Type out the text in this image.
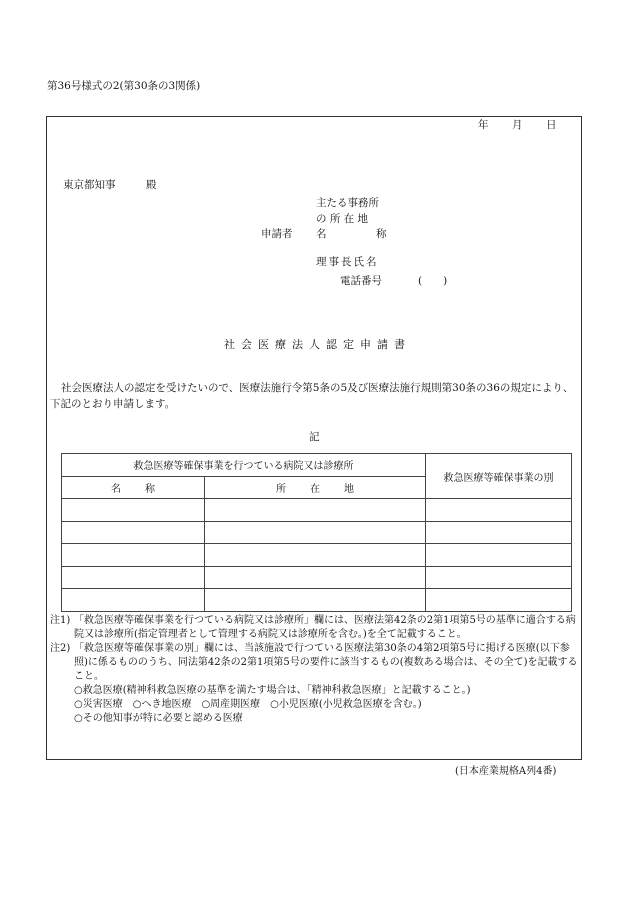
第36号様式の2(第30条の3関係)
年 月 日
東京都知事	殿
主たる事務所
の 所 在 地
申請者 名	称
理事長氏名
電話番号	(　　)
社会医療法人認定申請書
社会医療法人の認定を受けたいので、医療法施行令第5条の5及び医療法施行規則第30条の36の規定により、下記のとおり申請します。
記
救急医療等確保事業を行つている病院又は診療所		救急医療等確保事業の別
名 称	所 在 地	

注1) 「救急医療等確保事業を行つている病院又は診療所」欄には、医療法第42条の2第1項第5号の基準に適合する病院又は診療所(指定管理者として管理する病院又は診療所を含む。)を全て記載すること。
注2) 「救急医療等確保事業の別」欄には、当該施設で行つている医療法第30条の4第2項第5号に掲げる医療(以下参照)に係るもののうち、同法第42条の2第1項第5号の要件に該当するもの(複数ある場合は、その全て)を記載すること。
○救急医療(精神科救急医療の基準を満たす場合は、「精神科救急医療」と記載すること。)
○災害医療　○へき地医療　○周産期医療　○小児医療(小児救急医療を含む。)
○その他知事が特に必要と認める医療
(日本産業規格A列4番)
